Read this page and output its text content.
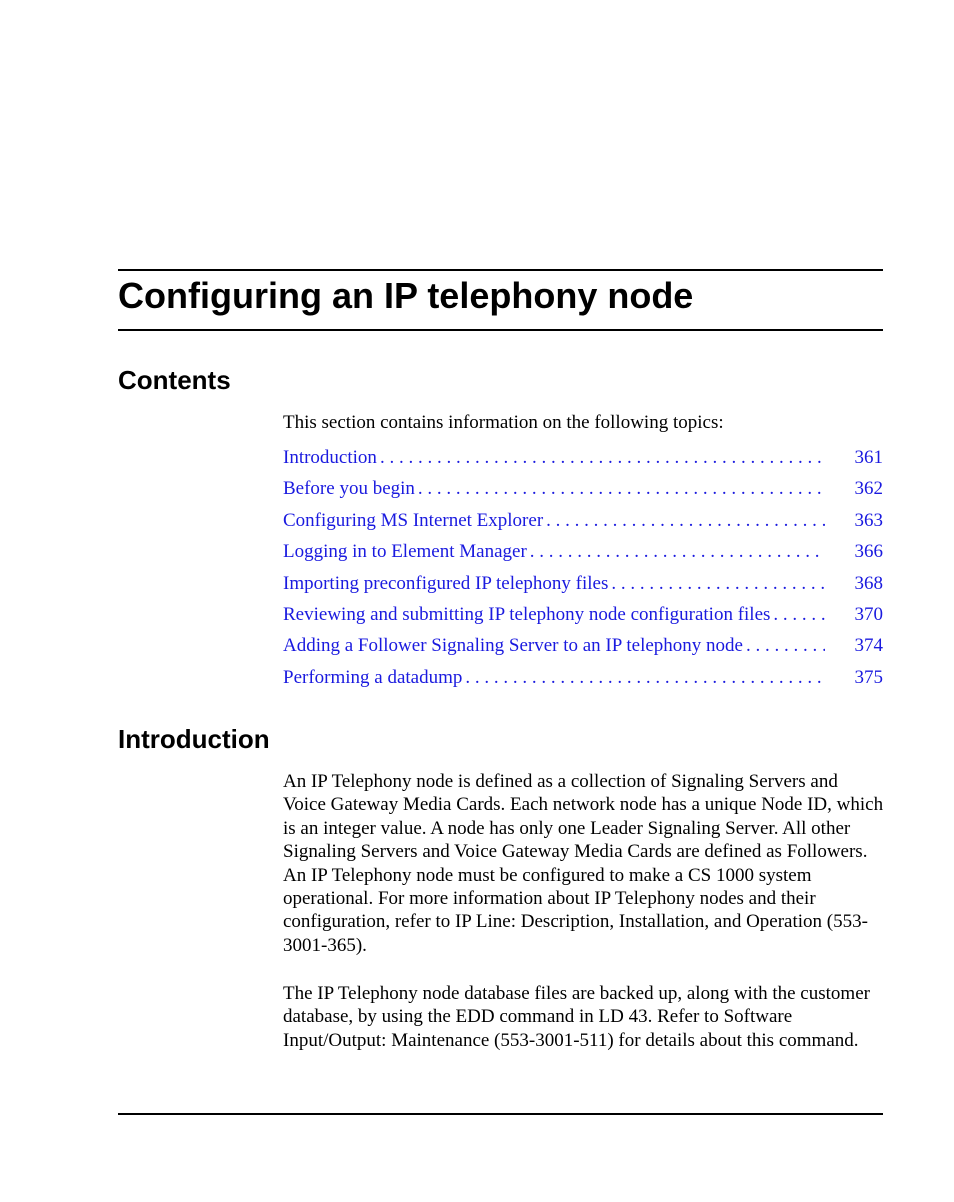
Configuring an IP telephony node
Contents
This section contains information on the following topics:
Introduction . . .	361
Before you begin . . .	362
Configuring MS Internet Explorer . . .	363
Logging in to Element Manager . . .	366
Importing preconfigured IP telephony files . . .	368
Reviewing and submitting IP telephony node configuration files . . .	370
Adding a Follower Signaling Server to an IP telephony node . . .	374
Performing a datadump . . .	375
Introduction

An IP Telephony node is defined as a collection of Signaling Servers and Voice Gateway Media Cards. Each network node has a unique Node ID, which is an integer value. A node has only one Leader Signaling Server. All other Signaling Servers and Voice Gateway Media Cards are defined as Followers. An IP Telephony node must be configured to make a CS 1000 system operational. For more information about IP Telephony nodes and their configuration, refer to IP Line: Description, Installation, and Operation (553-3001-365).

The IP Telephony node database files are backed up, along with the customer database, by using the EDD command in LD 43. Refer to Software Input/Output: Maintenance (553-3001-511) for details about this command.
